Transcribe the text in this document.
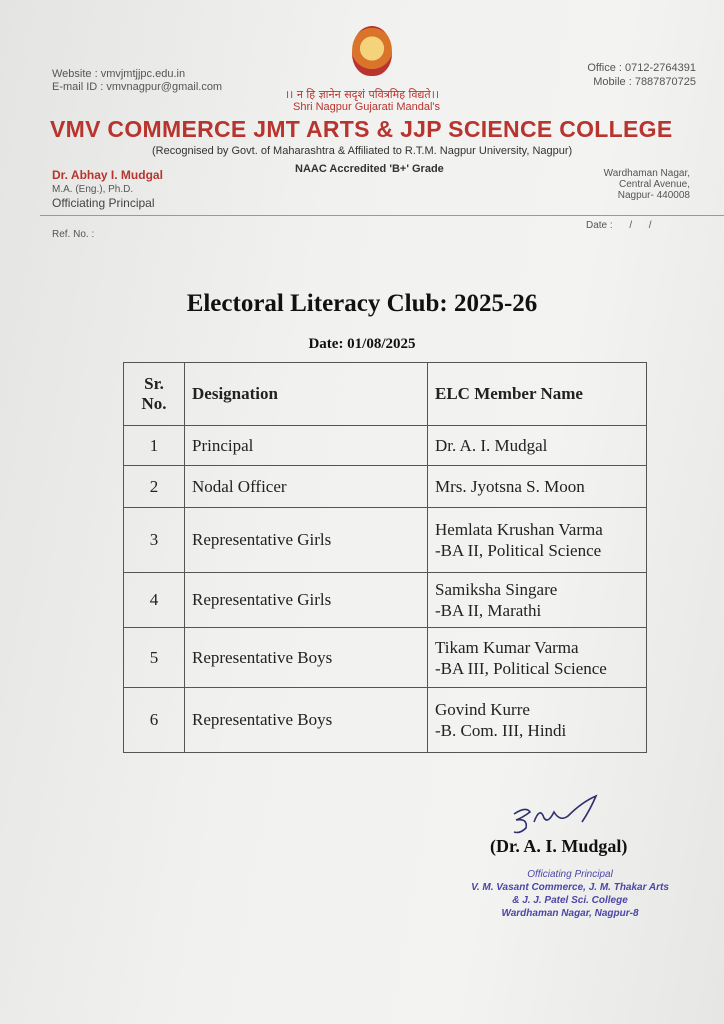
Website : vmvjmtjjpc.edu.in
E-mail ID : vmvnagpur@gmail.com
।। न हि ज्ञानेन सदृशं पवित्रमिह विद्यते।।
Shri Nagpur Gujarati Mandal's
Office : 0712-2764391
Mobile : 7887870725
VMV COMMERCE JMT ARTS & JJP SCIENCE COLLEGE
(Recognised by Govt. of Maharashtra & Affiliated to R.T.M. Nagpur University, Nagpur)
NAAC Accredited 'B+' Grade
Dr. Abhay I. Mudgal
M.A. (Eng.), Ph.D.
Officiating Principal
Wardhaman Nagar,
Central Avenue,
Nagpur- 440008
Ref. No. :
Date :      /      /
Electoral Literacy Club: 2025-26
Date: 01/08/2025
Sr. No.	Designation	ELC Member Name
1	Principal	Dr. A. I. Mudgal

2	Nodal Officer	Mrs. Jyotsna S. Moon

3	Representative Girls	Hemlata Krushan Varma
-BA II, Political Science

4	Representative Girls	Samiksha Singare
-BA II, Marathi

5	Representative Boys	Tikam Kumar Varma
-BA III, Political Science

6	Representative Boys	Govind Kurre
-B. Com. III, Hindi
(Dr. A. I. Mudgal)
Officiating Principal
V. M. Vasant Commerce, J. M. Thakar Arts
& J. J. Patel Sci. College
Wardhaman Nagar, Nagpur-8
